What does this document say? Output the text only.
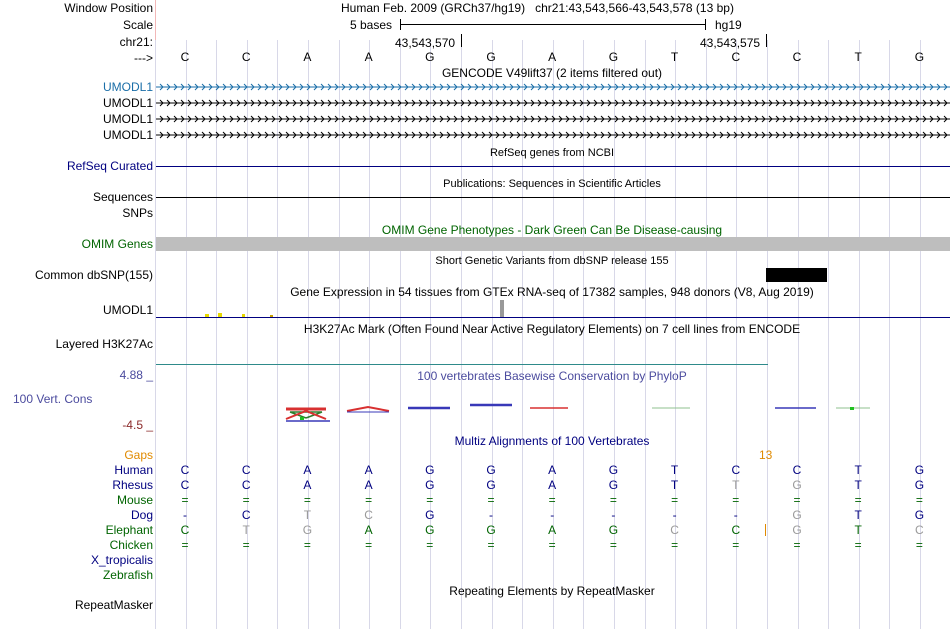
Window Position
Scale
chr21:
--->
Human Feb. 2009 (GRCh37/hg19) chr21:43,543,566-43,543,578 (13 bp)
5 bases	hg19
43,543,570	43,543,575
C	C	A	A	G	G	A	G	T	C	C	T	G
GENCODE V49lift37 (2 items filtered out)
UMODL1
UMODL1
UMODL1
UMODL1
RefSeq genes from NCBI
RefSeq Curated
Publications: Sequences in Scientific Articles
Sequences
SNPs
OMIM Gene Phenotypes - Dark Green Can Be Disease-causing
OMIM Genes
Short Genetic Variants from dbSNP release 155
Common dbSNP(155)
Gene Expression in 54 tissues from GTEx RNA-seq of 17382 samples, 948 donors (V8, Aug 2019)
UMODL1
H3K27Ac Mark (Often Found Near Active Regulatory Elements) on 7 cell lines from ENCODE
Layered H3K27Ac
4.88 _	100 vertebrates Basewise Conservation by PhyloP
100 Vert. Cons
-4.5 _
Multiz Alignments of 100 Vertebrates
Gaps	13
Human C	C	A	A	G	G	A	G	T	C	C	T	G
Rhesus C	C	A	A	G	G	A	G	T	T	G	T	G
Mouse =	=	=	=	=	=	=	=	=	=	=	=	=
Dog	-	C	T	C	G	-	-	-	-	-	G	T	G
Elephant C	T	G	A	G	G	A	G	C	C	G	T	C
Chicken =	=	=	=	=	=	=	=	=	=	=	=	=
X_tropicalis
Zebrafish
Repeating Elements by RepeatMasker
RepeatMasker
